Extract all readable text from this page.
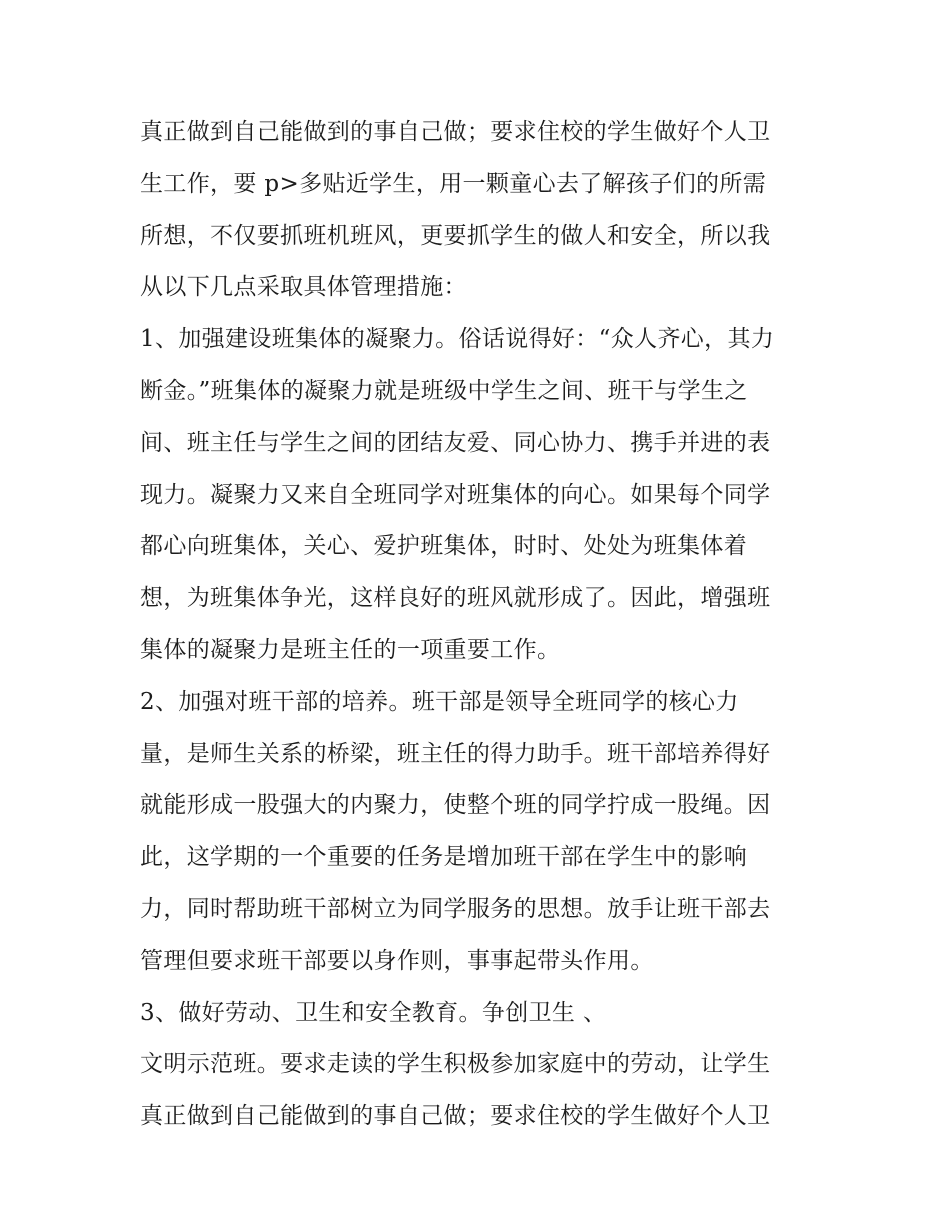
真正做到自己能做到的事自己做；要求住校的学生做好个人卫
生工作，要 p>多贴近学生，用一颗童心去了解孩子们的所需
所想，不仅要抓班机班风，更要抓学生的做人和安全，所以我
从以下几点采取具体管理措施：
1、加强建设班集体的凝聚力。俗话说得好：“众人齐心，其力
断金。”班集体的凝聚力就是班级中学生之间、班干与学生之
间、班主任与学生之间的团结友爱、同心协力、携手并进的表
现力。凝聚力又来自全班同学对班集体的向心。如果每个同学
都心向班集体，关心、爱护班集体，时时、处处为班集体着
想，为班集体争光，这样良好的班风就形成了。因此，增强班
集体的凝聚力是班主任的一项重要工作。
2、加强对班干部的培养。班干部是领导全班同学的核心力
量，是师生关系的桥梁，班主任的得力助手。班干部培养得好
就能形成一股强大的内聚力，使整个班的同学拧成一股绳。因
此，这学期的一个重要的任务是增加班干部在学生中的影响
力，同时帮助班干部树立为同学服务的思想。放手让班干部去
管理但要求班干部要以身作则，事事起带头作用。
3、做好劳动、卫生和安全教育。争创卫生 、
文明示范班。要求走读的学生积极参加家庭中的劳动，让学生
真正做到自己能做到的事自己做；要求住校的学生做好个人卫
